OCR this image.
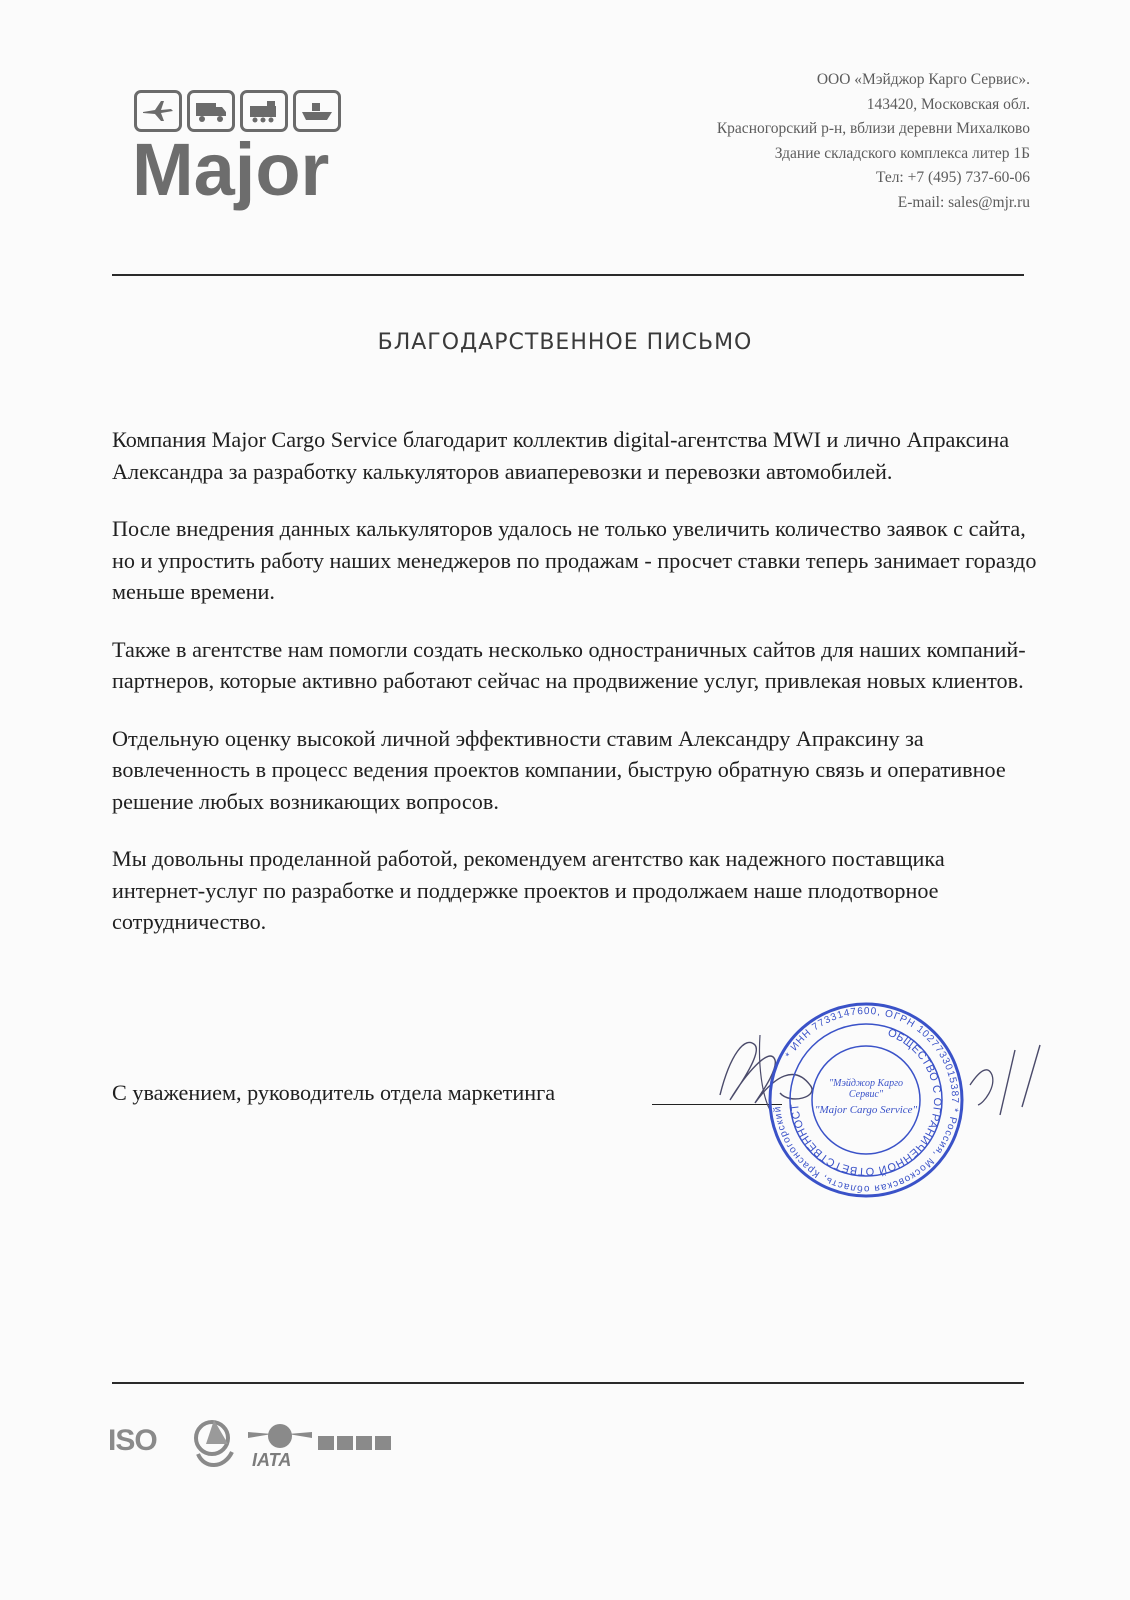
Major
ООО «Мэйджор Карго Сервис».
143420, Московская обл.
Красногорский р-н, вблизи деревни Михалково
Здание складского комплекса литер 1Б
Тел: +7 (495) 737-60-06
E-mail: sales@mjr.ru
БЛАГОДАРСТВЕННОЕ ПИСЬМО

Компания Major Cargo Service благодарит коллектив digital-агентства MWI и лично Апраксина Александра за разработку калькуляторов авиаперевозки и перевозки автомобилей.

После внедрения данных калькуляторов удалось не только увеличить количество заявок с сайта, но и упростить работу наших менеджеров по продажам - просчет ставки теперь занимает гораздо меньше времени.

Также в агентстве нам помогли создать несколько одностраничных сайтов для наших компаний-партнеров, которые активно работают сейчас на продвижение услуг, привлекая новых клиентов.

Отдельную оценку высокой личной эффективности ставим Александру Апраксину за вовлеченность в процесс ведения проектов компании, быструю обратную связь и оперативное решение любых возникающих вопросов.

Мы довольны проделанной работой, рекомендуем агентство как надежного поставщика интернет-услуг по разработке и поддержке проектов и продолжаем наше плодотворное сотрудничество.

С уважением, руководитель отдела маркетинга
* ИНН 7733147600, ОГРН 1027733015387 * Россия, Московская область, Красногорский
ОБЩЕСТВО С ОГРАНИЧЕННОЙ ОТВЕТСТВЕННОСТ
"Мэйджор Карго Сервис"
"Major Cargo Service"
ISO
IATA
